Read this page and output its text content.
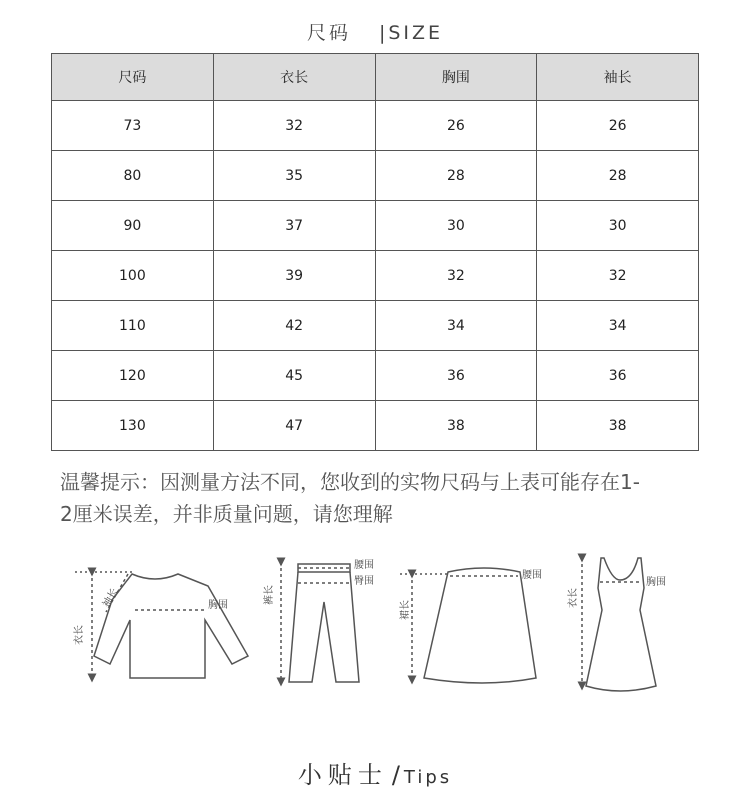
尺码 |SIZE
尺码	衣长	胸围	袖长
73	32	26	26
80	35	28	28
90	37	30	30
100	39	32	32
110	42	34	34
120	45	36	36
130	47	38	38
温馨提示：因测量方法不同，您收到的实物尺码与上表可能存在1-
2厘米误差，并非质量问题，请您理解
衣长
袖长	胸围
裤长
腰围
臀围
裙长
腰围
衣长
胸围
小贴士 / Tips
